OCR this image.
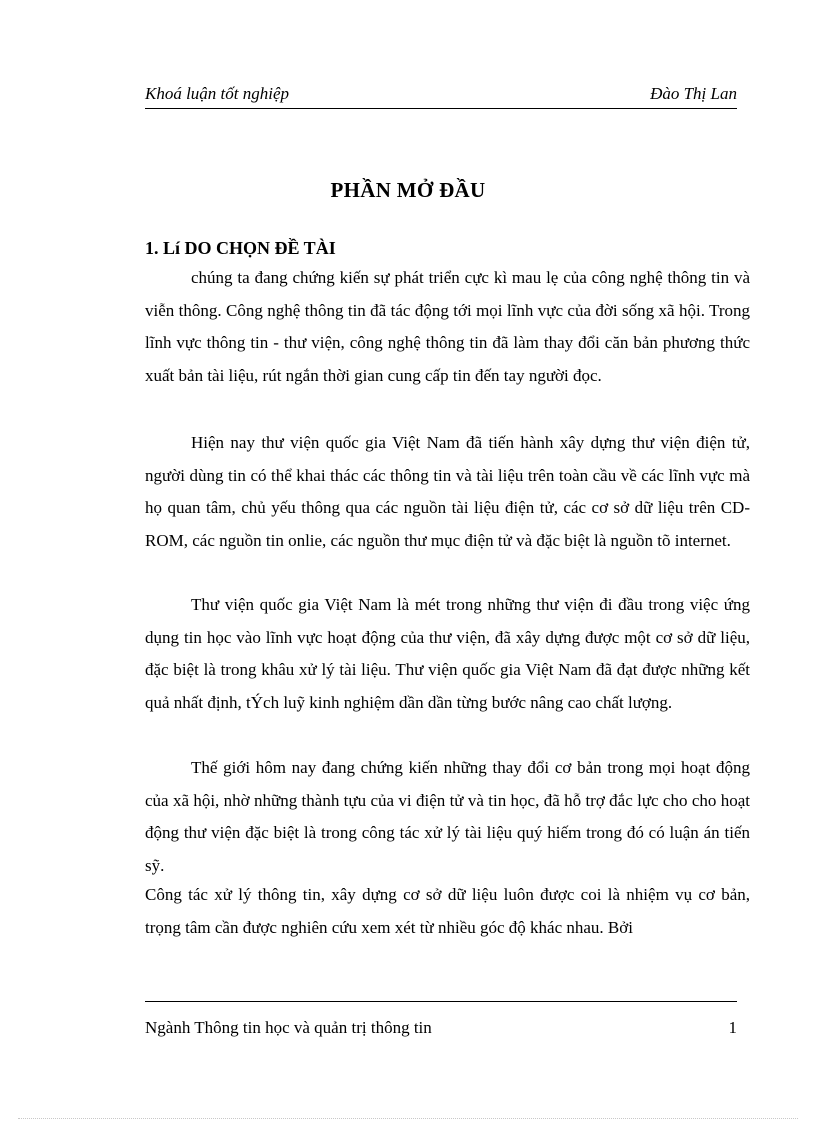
Khoá luận tốt nghiệp	Đào Thị Lan
PHẦN MỞ ĐẦU
1. Lí DO CHỌN ĐỀ TÀI

chúng ta đang chứng kiến sự phát triển cực kì mau lẹ của công nghệ thông tin và viễn thông. Công nghệ thông tin đã tác động tới mọi lĩnh vực của đời sống xã hội. Trong lĩnh vực thông tin - thư viện, công nghệ thông tin đã làm thay đổi căn bản phương thức xuất bản tài liệu, rút ngắn thời gian cung cấp tin đến tay người đọc.

Hiện nay thư viện quốc gia Việt Nam đã tiến hành xây dựng thư viện điện tử, người dùng tin có thể khai thác các thông tin và tài liệu trên toàn cầu về các lĩnh vực mà họ quan tâm, chủ yếu thông qua các nguồn tài liệu điện tử, các cơ sở dữ liệu trên CD-ROM, các nguồn tin onlie, các nguồn thư mục điện tử và đặc biệt là nguồn tõ internet.

Thư viện quốc gia Việt Nam là mét trong những thư viện đi đầu trong việc ứng dụng tin học vào lĩnh vực hoạt động của thư viện, đã xây dựng được một cơ sở dữ liệu, đặc biệt là trong khâu xử lý tài liệu. Thư viện quốc gia Việt Nam đã đạt được những kết quả nhất định, tÝch luỹ kinh nghiệm dần dần từng bước nâng cao chất lượng.

Thế giới hôm nay đang chứng kiến những thay đổi cơ bản trong mọi hoạt động của xã hội, nhờ những thành tựu của vi điện tử và tin học, đã hỗ trợ đắc lực cho cho hoạt động thư viện đặc biệt là trong công tác xử lý tài liệu quý hiếm trong đó có luận án tiến sỹ.

Công tác xử lý thông tin, xây dựng cơ sở dữ liệu luôn được coi là nhiệm vụ cơ bản, trọng tâm cần được nghiên cứu xem xét từ nhiều góc độ khác nhau. Bởi

Ngành Thông tin học và quản trị thông tin	1
